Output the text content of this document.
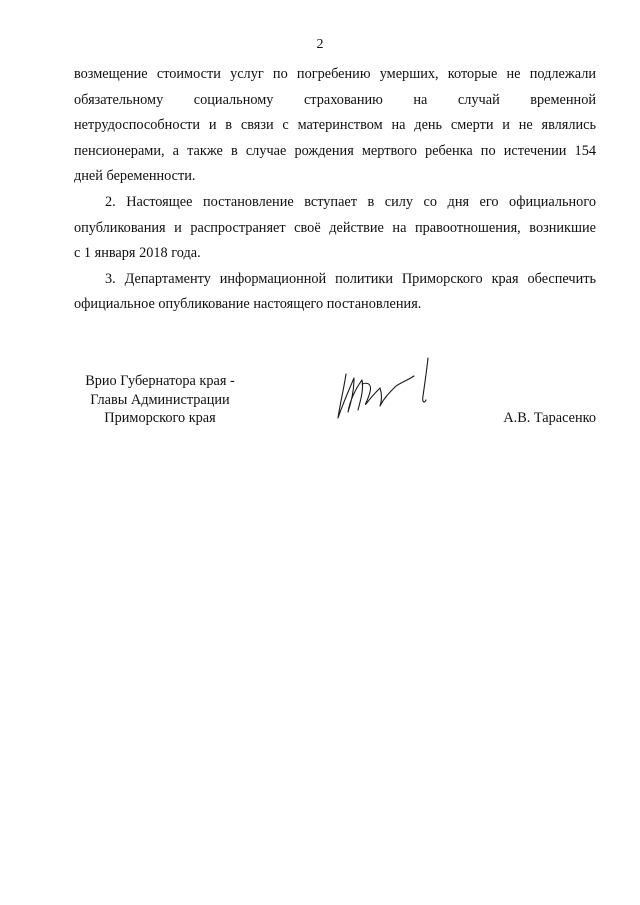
2
возмещение стоимости услуг по погребению умерших, которые не подлежали
обязательному социальному страхованию на случай временной
нетрудоспособности и в связи с материнством на день смерти и не являлись
пенсионерами, а также в случае рождения мертвого ребенка по истечении 154
дней беременности.
2. Настоящее постановление вступает в силу со дня его официального
опубликования и распространяет своё действие на правоотношения, возникшие
с 1 января 2018 года.
3. Департаменту информационной политики Приморского края обеспечить
официальное опубликование настоящего постановления.
Врио Губернатора края -
Главы Администрации
Приморского края	А.В. Тарасенко
